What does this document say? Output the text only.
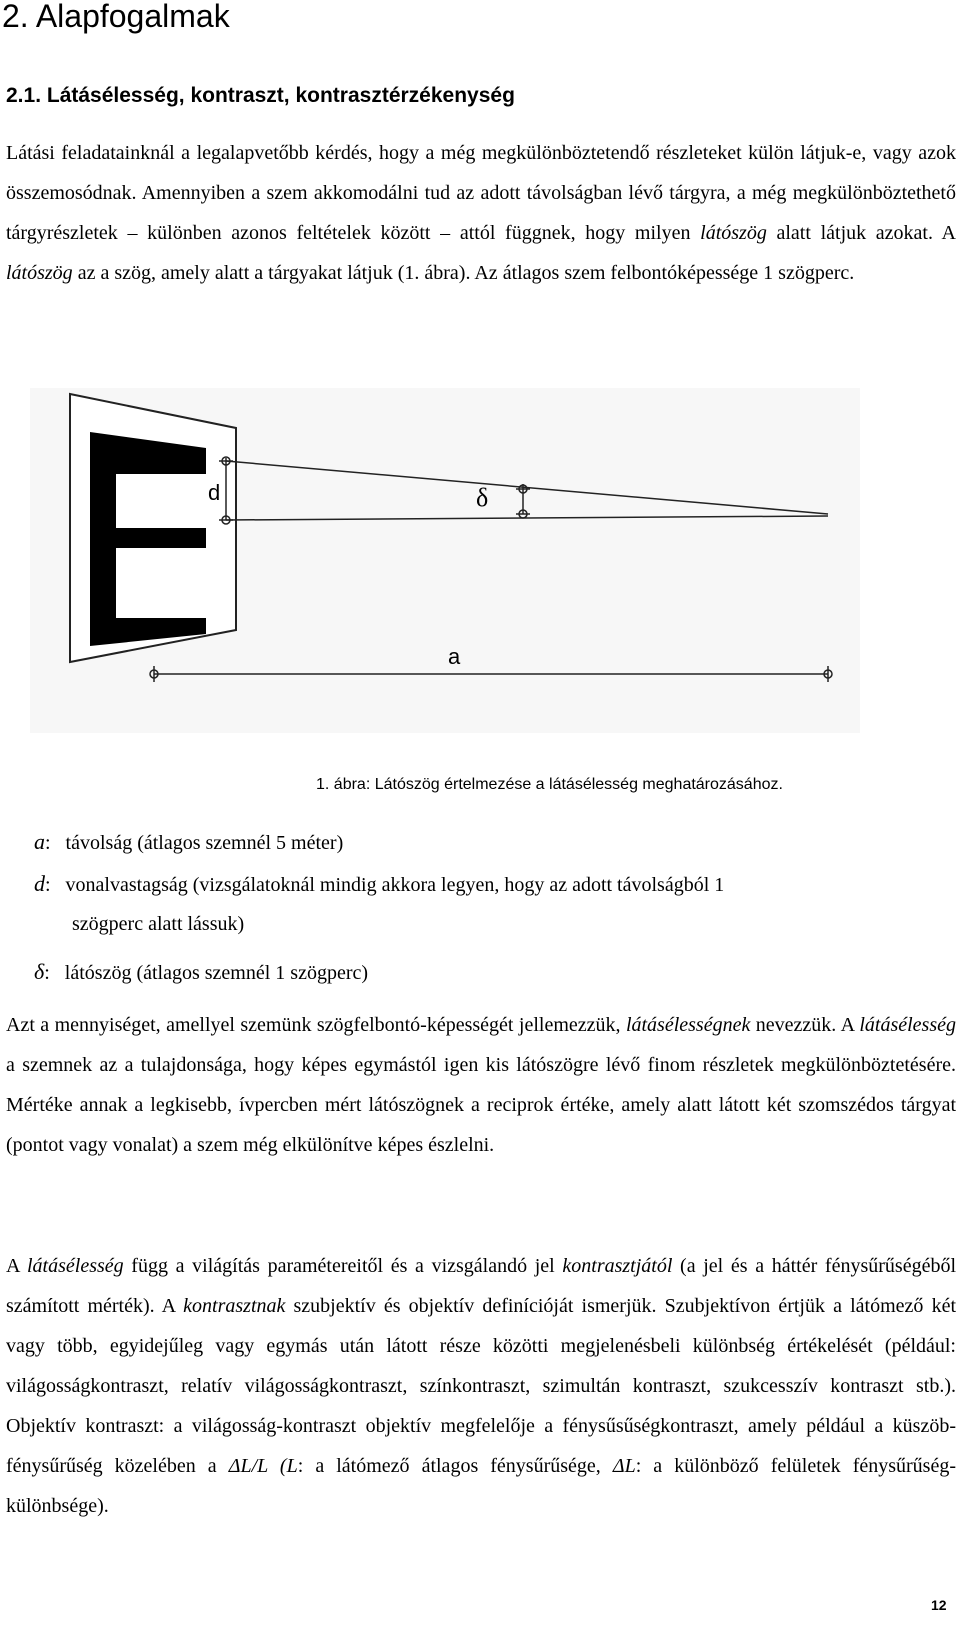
2. Alapfogalmak
2.1. Látásélesség, kontraszt, kontrasztérzékenység
Látási feladatainknál a legalapvetőbb kérdés, hogy a még megkülönböztetendő részleteket külön látjuk-e, vagy azok összemosódnak. Amennyiben a szem akkomodálni tud az adott távolságban lévő tárgyra, a még megkülönböztethető tárgyrészletek – különben azonos feltételek között – attól függnek, hogy milyen látószög alatt látjuk azokat. A látószög az a szög, amely alatt a tárgyakat látjuk (1. ábra). Az átlagos szem felbontóképessége 1 szögperc.
d	δ
a
1. ábra: Látószög értelmezése a látásélesség meghatározásához.
a:   távolság (átlagos szemnél 5 méter)
d:   vonalvastagság (vizsgálatoknál mindig akkora legyen, hogy az adott távolságból 1
szögperc alatt lássuk)
δ:   látószög (átlagos szemnél 1 szögperc)
Azt a mennyiséget, amellyel szemünk szögfelbontó-képességét jellemezzük, látásélességnek nevezzük. A látásélesség a szemnek az a tulajdonsága, hogy képes egymástól igen kis látószögre lévő finom részletek megkülönböztetésére. Mértéke annak a legkisebb, ívpercben mért látószögnek a reciprok értéke, amely alatt látott két szomszédos tárgyat (pontot vagy vonalat) a szem még elkülönítve képes észlelni.
A látásélesség függ a világítás paramétereitől és a vizsgálandó jel kontrasztjától (a jel és a háttér fénysűrűségéből számított mérték). A kontrasztnak szubjektív és objektív definícióját ismerjük. Szubjektívon értjük a látómező két vagy több, egyidejűleg vagy egymás után látott része közötti megjelenésbeli különbség értékelését (például: világosságkontraszt, relatív világosságkontraszt, színkontraszt, szimultán kontraszt, szukcesszív kontraszt stb.). Objektív kontraszt: a világosság-kontraszt objektív megfelelője a fénysűsűségkontraszt, amely például a küszöb-fénysűrűség közelében a ΔL/L (L: a látómező átlagos fénysűrűsége, ΔL: a különböző felületek fénysűrűség-különbsége).
12
